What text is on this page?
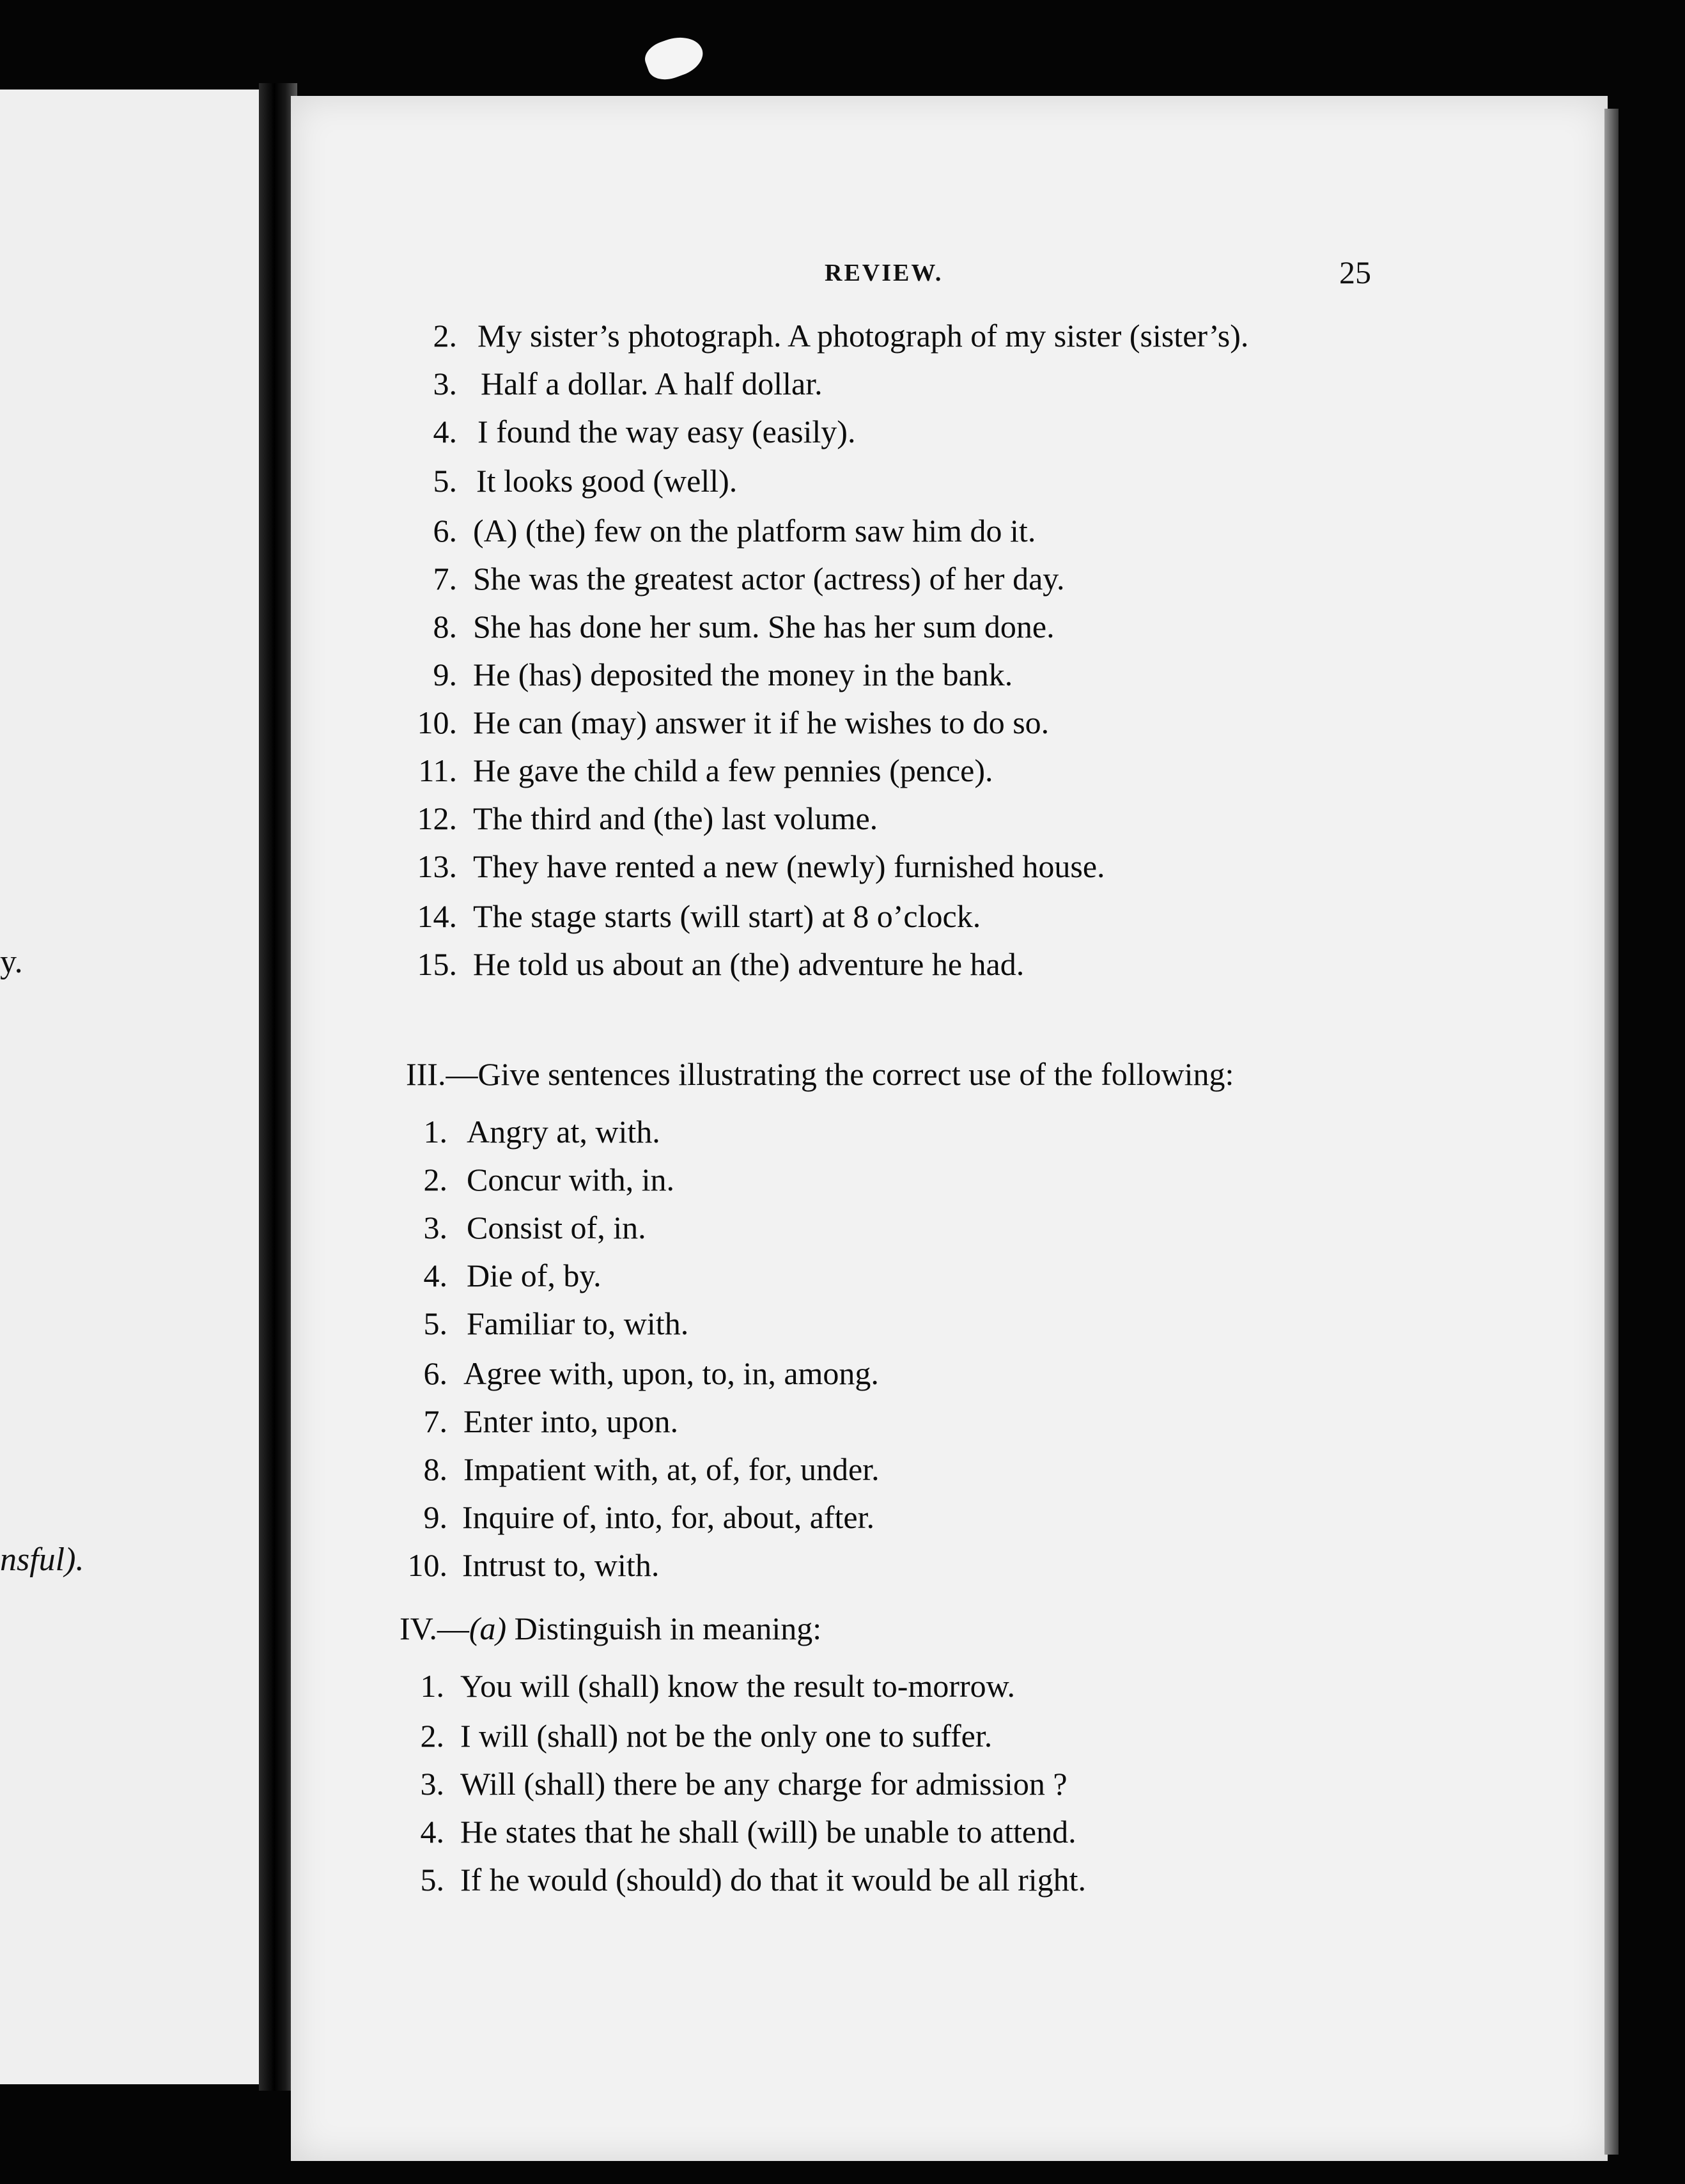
y.
nsful).
REVIEW.	25
2. My sister’s photograph. A photograph of my sister (sister’s).
3. Half a dollar. A half dollar.
4. I found the way easy (easily).
5. It looks good (well).
6. (A) (the) few on the platform saw him do it.
7. She was the greatest actor (actress) of her day.
8. She has done her sum. She has her sum done.
9. He (has) deposited the money in the bank.
10. He can (may) answer it if he wishes to do so.
11. He gave the child a few pennies (pence).
12. The third and (the) last volume.
13. They have rented a new (newly) furnished house.
14. The stage starts (will start) at 8 o’clock.
15. He told us about an (the) adventure he had.
III.—Give sentences illustrating the correct use of the following:
1. Angry at, with.
2. Concur with, in.
3. Consist of, in.
4. Die of, by.
5. Familiar to, with.
6. Agree with, upon, to, in, among.
7. Enter into, upon.
8. Impatient with, at, of, for, under.
9. Inquire of, into, for, about, after.
10. Intrust to, with.
IV.—(a) Distinguish in meaning:
1. You will (shall) know the result to-morrow.
2. I will (shall) not be the only one to suffer.
3. Will (shall) there be any charge for admission ?
4. He states that he shall (will) be unable to attend.
5. If he would (should) do that it would be all right.
